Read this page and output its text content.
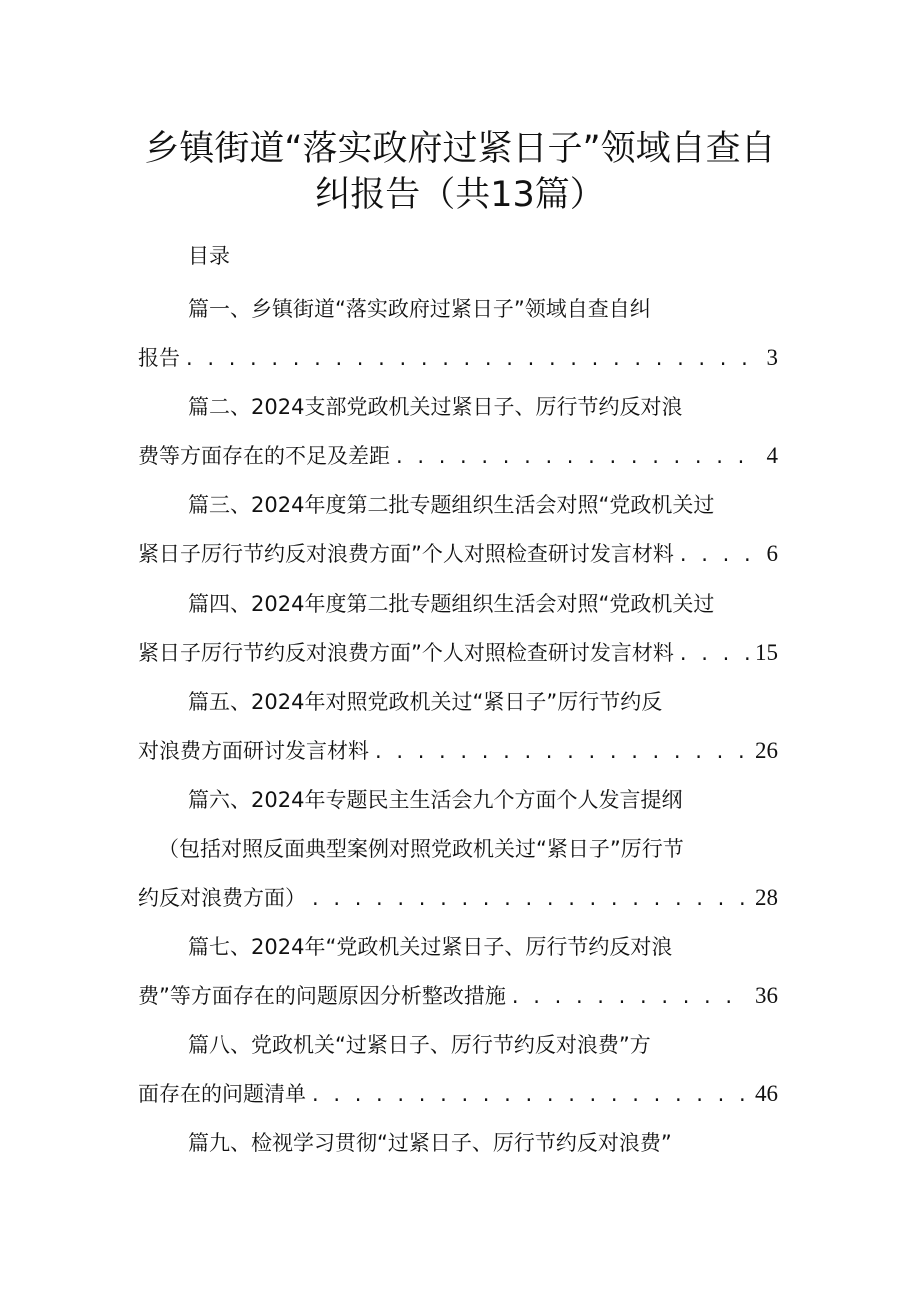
乡镇街道“落实政府过紧日子”领域自查自
纠报告（共13篇）
目录
篇一、乡镇街道“落实政府过紧日子”领域自查自纠
报告 . . .	3
篇二、2024支部党政机关过紧日子、厉行节约反对浪
费等方面存在的不足及差距 . . .	4
篇三、2024年度第二批专题组织生活会对照“党政机关过
紧日子厉行节约反对浪费方面”个人对照检查研讨发言材料 . . .	6
篇四、2024年度第二批专题组织生活会对照“党政机关过
紧日子厉行节约反对浪费方面”个人对照检查研讨发言材料 . . .	15
篇五、2024年对照党政机关过“紧日子”厉行节约反
对浪费方面研讨发言材料 . . .	26
篇六、2024年专题民主生活会九个方面个人发言提纲
（包括对照反面典型案例对照党政机关过“紧日子”厉行节
约反对浪费方面） . . .	28
篇七、2024年“党政机关过紧日子、厉行节约反对浪
费”等方面存在的问题原因分析整改措施 . . .	36
篇八、党政机关“过紧日子、厉行节约反对浪费”方
面存在的问题清单 . . .	46
篇九、检视学习贯彻“过紧日子、厉行节约反对浪费”
